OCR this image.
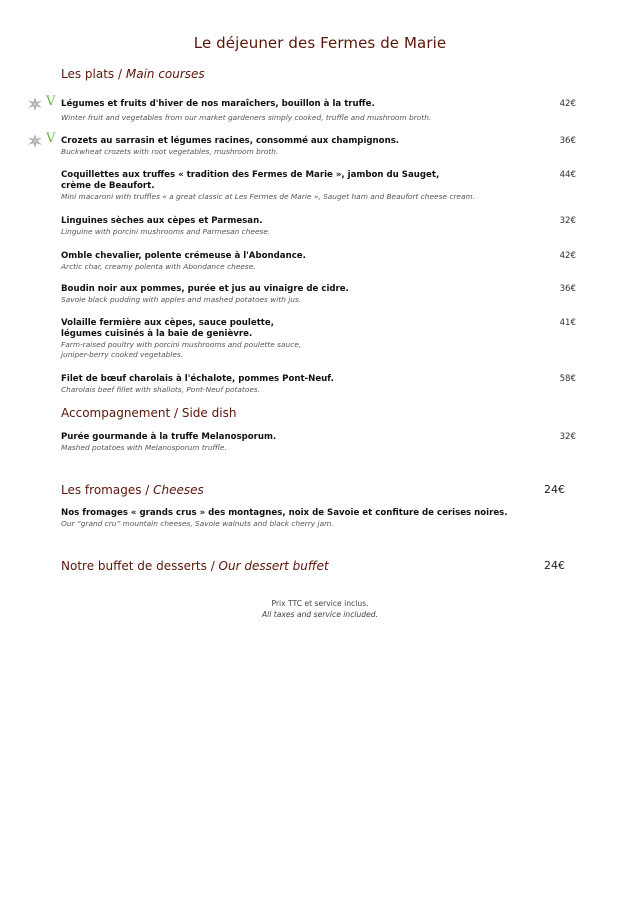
Le déjeuner des Fermes de Marie
Les plats / Main courses
V Légumes et fruits d'hiver de nos maraîchers, bouillon à la truffe.
Winter fruit and vegetables from our market gardeners simply cooked, truffle and mushroom broth.
42€
V Crozets au sarrasin et légumes racines, consommé aux champignons.
Buckwheat crozets with root vegetables, mushroom broth.
36€
Coquillettes aux truffes « tradition des Fermes de Marie », jambon du Sauget,
crème de Beaufort.
Mini macaroni with truffles « a great classic at Les Fermes de Marie », Sauget ham and Beaufort cheese cream.
44€
Linguines sèches aux cèpes et Parmesan.
Linguine with porcini mushrooms and Parmesan cheese.
32€
Omble chevalier, polente crémeuse à l'Abondance.
Arctic char, creamy polenta with Abondance cheese.
42€
Boudin noir aux pommes, purée et jus au vinaigre de cidre.
Savoie black pudding with apples and mashed potatoes with jus.
36€
Volaille fermière aux cèpes, sauce poulette,
légumes cuisinés à la baie de genièvre.
Farm-raised poultry with porcini mushrooms and poulette sauce,
juniper-berry cooked vegetables.
41€
Filet de bœuf charolais à l'échalote, pommes Pont-Neuf.
Charolais beef fillet with shallots, Pont-Neuf potatoes.
58€
Accompagnement / Side dish
Purée gourmande à la truffe Melanosporum.
Mashed potatoes with Melanosporum truffle.
32€
Les fromages / Cheeses	24€
Nos fromages « grands crus » des montagnes, noix de Savoie et confiture de cerises noires.
Our “grand cru” mountain cheeses, Savoie walnuts and black cherry jam.
Notre buffet de desserts / Our dessert buffet	24€
Prix TTC et service inclus.
All taxes and service included.
